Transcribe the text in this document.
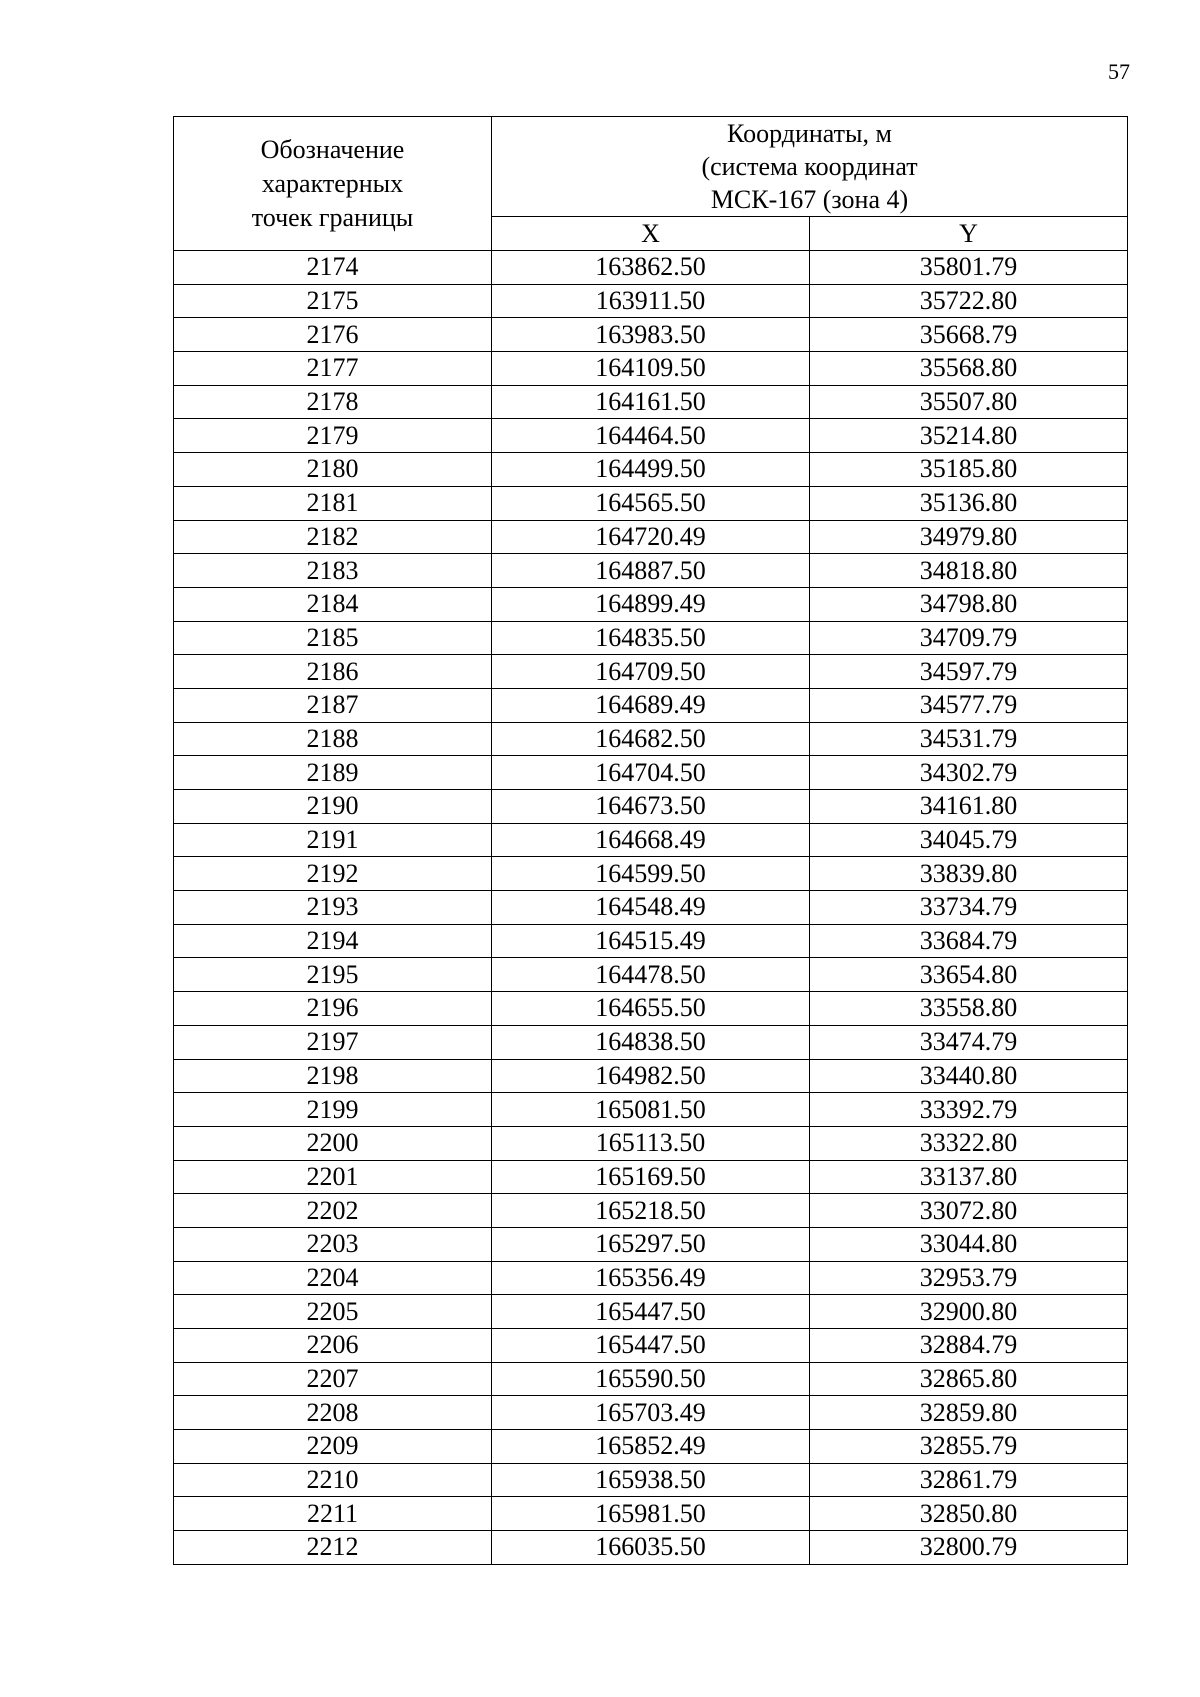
57
Обозначение
характерных
точек границы	Координаты, м
(система координат
МСК-167 (зона 4)	

	X	Y
2174	163862.50	35801.79
2175	163911.50	35722.80
2176	163983.50	35668.79
2177	164109.50	35568.80
2178	164161.50	35507.80
2179	164464.50	35214.80
2180	164499.50	35185.80
2181	164565.50	35136.80
2182	164720.49	34979.80
2183	164887.50	34818.80
2184	164899.49	34798.80
2185	164835.50	34709.79
2186	164709.50	34597.79
2187	164689.49	34577.79
2188	164682.50	34531.79
2189	164704.50	34302.79
2190	164673.50	34161.80
2191	164668.49	34045.79
2192	164599.50	33839.80
2193	164548.49	33734.79
2194	164515.49	33684.79
2195	164478.50	33654.80
2196	164655.50	33558.80
2197	164838.50	33474.79
2198	164982.50	33440.80
2199	165081.50	33392.79
2200	165113.50	33322.80
2201	165169.50	33137.80
2202	165218.50	33072.80
2203	165297.50	33044.80
2204	165356.49	32953.79
2205	165447.50	32900.80
2206	165447.50	32884.79
2207	165590.50	32865.80
2208	165703.49	32859.80
2209	165852.49	32855.79
2210	165938.50	32861.79
2211	165981.50	32850.80
2212	166035.50	32800.79
